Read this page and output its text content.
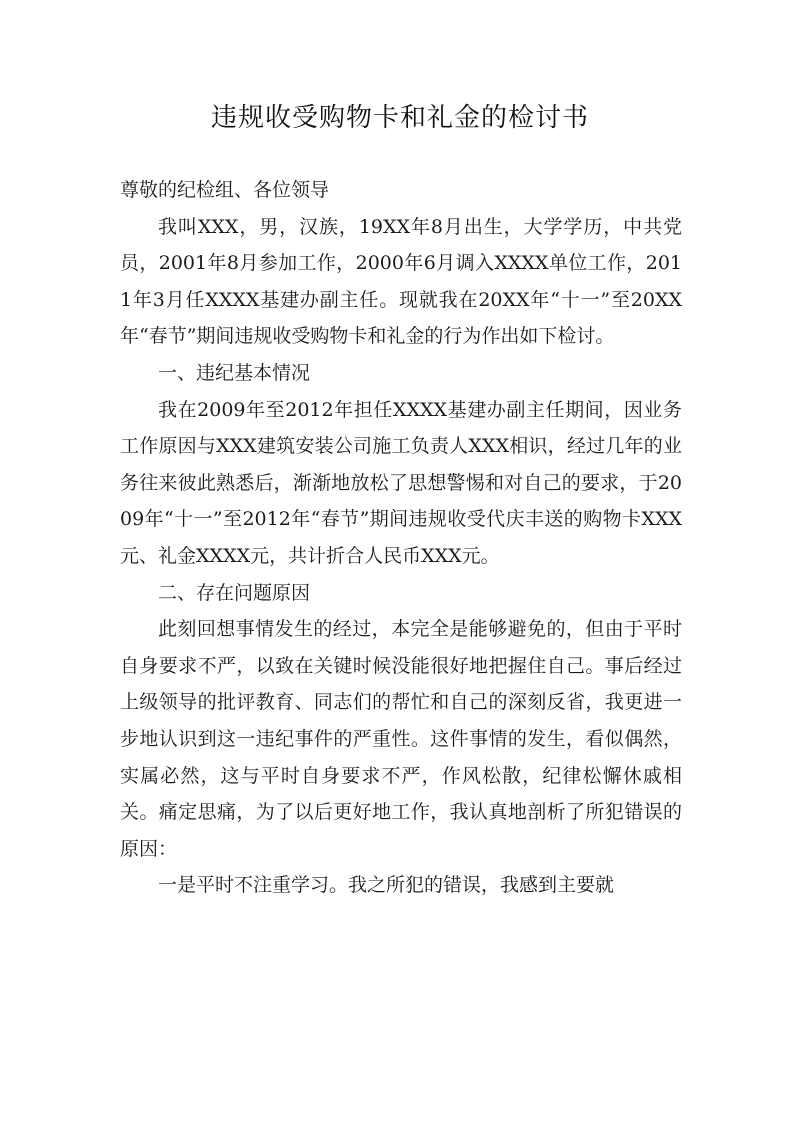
违规收受购物卡和礼金的检讨书

尊敬的纪检组、各位领导

我叫XXX，男，汉族，19XX年8月出生，大学学历，中共党员，2001年8月参加工作，2000年6月调入XXXX单位工作，2011年3月任XXXX基建办副主任。现就我在20XX年“十一”至20XX年“春节”期间违规收受购物卡和礼金的行为作出如下检讨。

一、违纪基本情况

我在2009年至2012年担任XXXX基建办副主任期间，因业务工作原因与XXX建筑安装公司施工负责人XXX相识，经过几年的业务往来彼此熟悉后，渐渐地放松了思想警惕和对自己的要求，于2009年“十一”至2012年“春节”期间违规收受代庆丰送的购物卡XXX元、礼金XXXX元，共计折合人民币XXX元。

二、存在问题原因

此刻回想事情发生的经过，本完全是能够避免的，但由于平时自身要求不严，以致在关键时候没能很好地把握住自己。事后经过上级领导的批评教育、同志们的帮忙和自己的深刻反省，我更进一步地认识到这一违纪事件的严重性。这件事情的发生，看似偶然，实属必然，这与平时自身要求不严，作风松散，纪律松懈休戚相关。痛定思痛，为了以后更好地工作，我认真地剖析了所犯错误的原因：

一是平时不注重学习。我之所犯的错误，我感到主要就
